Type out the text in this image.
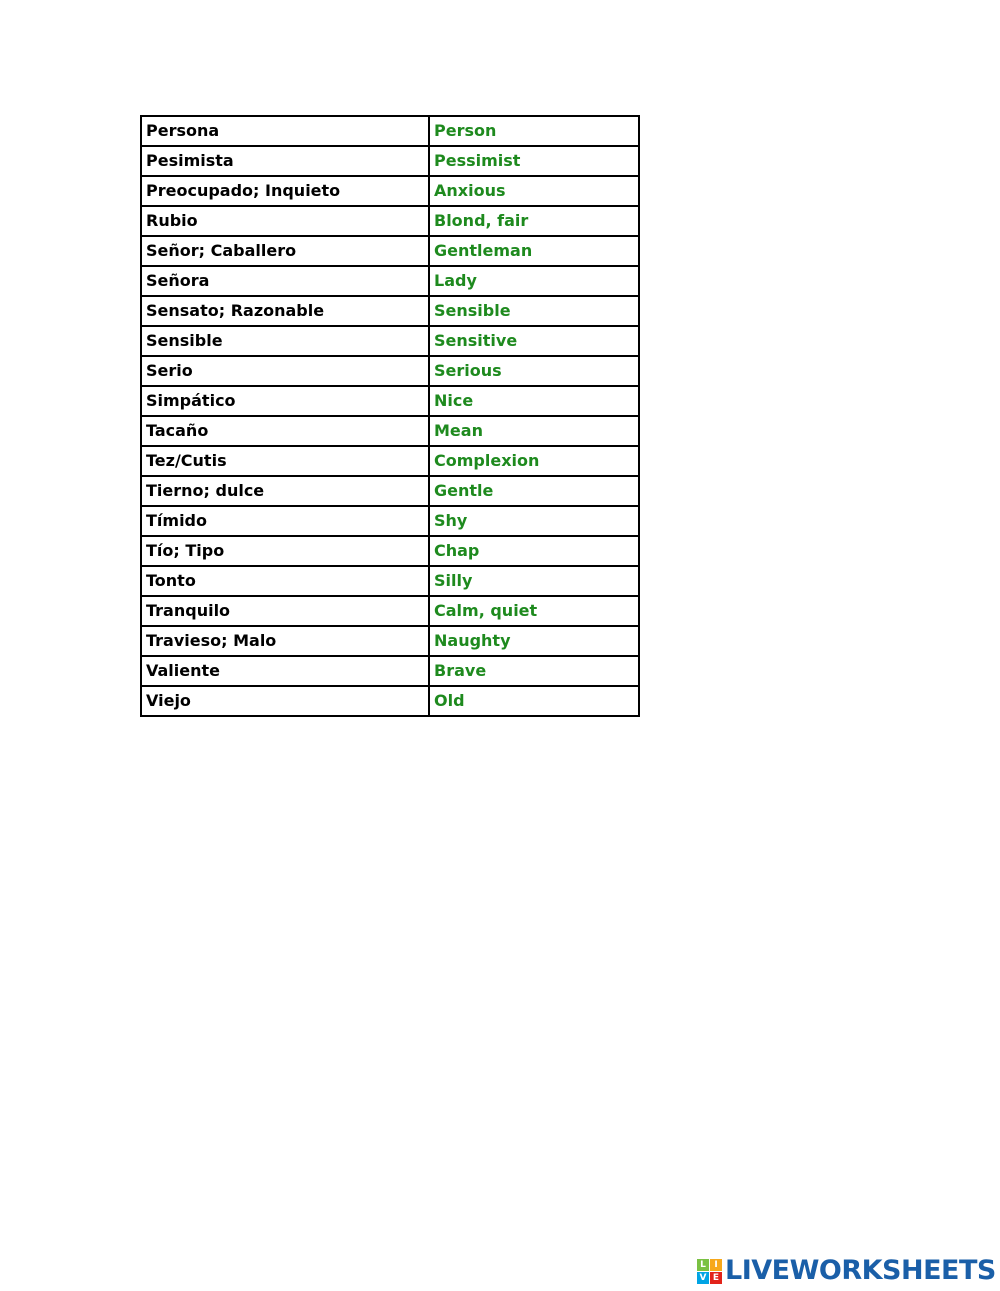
Persona	Person
Pesimista	Pessimist
Preocupado; Inquieto	Anxious
Rubio	Blond, fair
Señor; Caballero	Gentleman
Señora	Lady
Sensato; Razonable	Sensible
Sensible	Sensitive
Serio	Serious
Simpático	Nice
Tacaño	Mean
Tez/Cutis	Complexion
Tierno; dulce	Gentle
Tímido	Shy
Tío; Tipo	Chap
Tonto	Silly
Tranquilo	Calm, quiet
Travieso; Malo	Naughty
Valiente	Brave
Viejo	Old
L I
V E LIVEWORKSHEETS
